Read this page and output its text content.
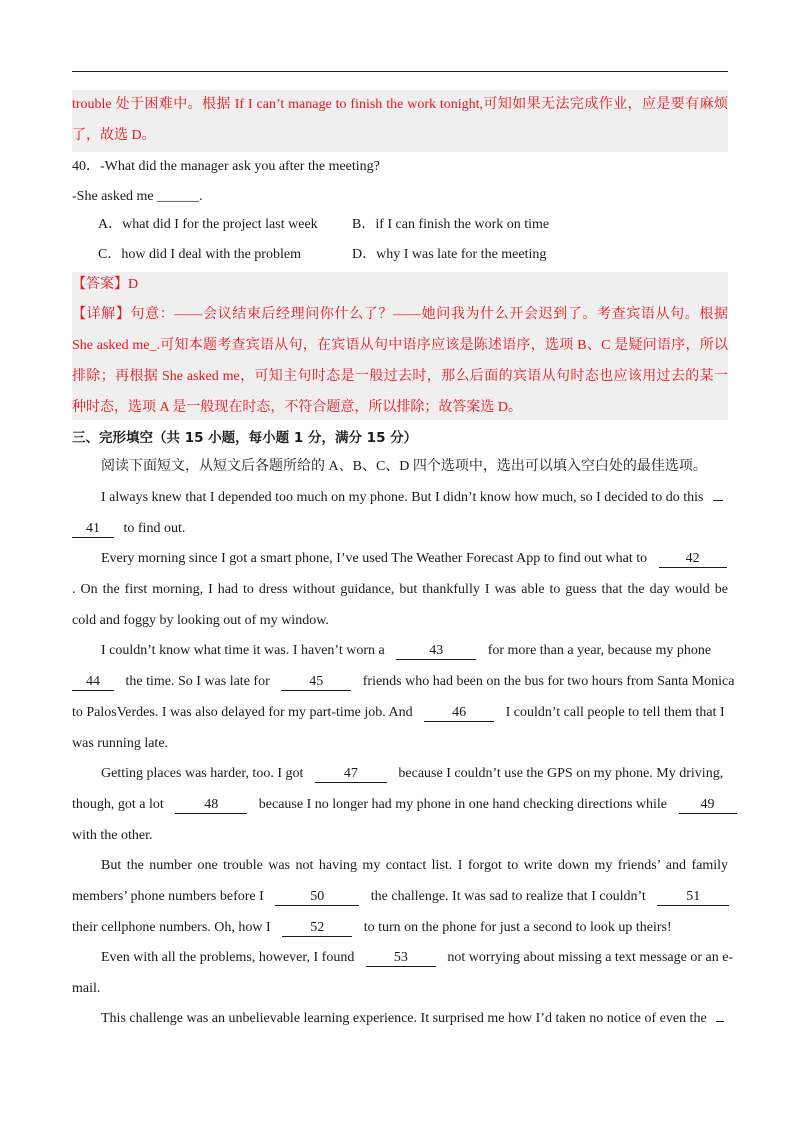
trouble 处于困难中。根据 If I can’t manage to finish the work tonight,可知如果无法完成作业，应是要有麻烦
了，故选 D。
40．-What did the manager ask you after the meeting?
-She asked me ______.
A．what did I for the project last week B．if I can finish the work on time
C．how did I deal with the problem	D．why I was late for the meeting
【答案】D
【详解】句意：——会议结束后经理问你什么了？——她问我为什么开会迟到了。考查宾语从句。根据
She asked me_.可知本题考查宾语从句，在宾语从句中语序应该是陈述语序，选项 B、C 是疑问语序，所以
排除；再根据 She asked me，可知主句时态是一般过去时，那么后面的宾语从句时态也应该用过去的某一
种时态，选项 A 是一般现在时态，不符合题意，所以排除；故答案选 D。
三、完形填空（共 15 小题，每小题 1 分，满分 15 分）
阅读下面短文，从短文后各题所给的 A、B、C、D 四个选项中，选出可以填入空白处的最佳选项。
I always knew that I depended too much on my phone. But I didn’t know how much, so I decided to do this
41 to find out.
Every morning since I got a smart phone, I’ve used The Weather Forecast App to find out what to	42
. On the first morning, I had to dress without guidance, but thankfully I was able to guess that the day would be
cold and foggy by looking out of my window.
I couldn’t know what time it was. I haven’t worn a	43	for more than a year, because my phone
44 the time. So I was late for	45	friends who had been on the bus for two hours from Santa Monica
to PalosVerdes. I was also delayed for my part-time job. And	46	I couldn’t call people to tell them that I
was running late.
Getting places was harder, too. I got	47	because I couldn’t use the GPS on my phone. My driving,
though, got a lot	48	because I no longer had my phone in one hand checking directions while 49
with the other.
But the number one trouble was not having my contact list. I forgot to write down my friends’ and family
members’ phone numbers before I	50	the challenge. It was sad to realize that I couldn’t	51
their cellphone numbers. Oh, how I	52	to turn on the phone for just a second to look up theirs!
Even with all the problems, however, I found	53	not worrying about missing a text message or an e-
mail.
This challenge was an unbelievable learning experience. It surprised me how I’d taken no notice of even the
